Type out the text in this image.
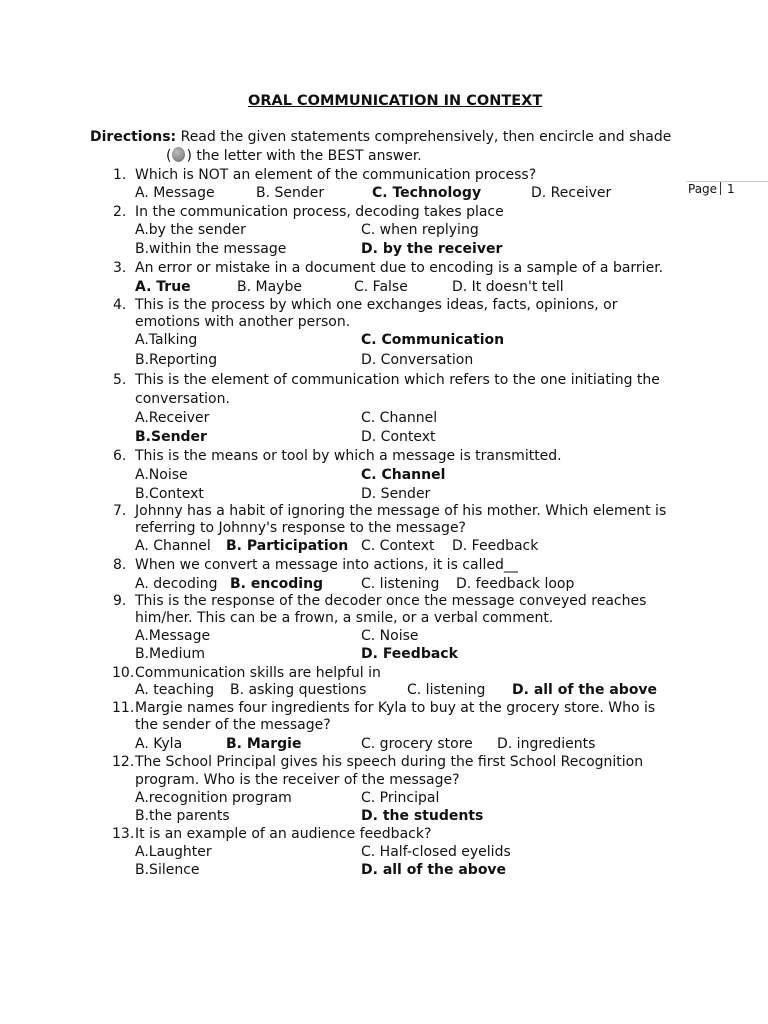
ORAL COMMUNICATION IN CONTEXT
Page 1
Directions: Read the given statements comprehensively, then encircle and shade
( ) the letter with the BEST answer.
1. Which is NOT an element of the communication process?
A. Message	B. Sender	C. Technology	D. Receiver
2. In the communication process, decoding takes place
A.by the sender	C. when replying
B.within the message	D. by the receiver
3. An error or mistake in a document due to encoding is a sample of a barrier.
A. True	B. Maybe	C. False	D. It doesn't tell
4. This is the process by which one exchanges ideas, facts, opinions, or
emotions with another person.
A.Talking	C. Communication
B.Reporting	D. Conversation
5. This is the element of communication which refers to the one initiating the
conversation.
A.Receiver	C. Channel
B.Sender	D. Context
6. This is the means or tool by which a message is transmitted.
A.Noise	C. Channel
B.Context	D. Sender
7. Johnny has a habit of ignoring the message of his mother. Which element is
referring to Johnny's response to the message?
A. Channel B. Participation C. Context D. Feedback
8. When we convert a message into actions, it is called__
A. decoding B. encoding	C. listening D. feedback loop
9. This is the response of the decoder once the message conveyed reaches
him/her. This can be a frown, a smile, or a verbal comment.
A.Message	C. Noise
B.Medium	D. Feedback
10. Communication skills are helpful in
A. teaching B. asking questions	C. listening D. all of the above
11. Margie names four ingredients for Kyla to buy at the grocery store. Who is
the sender of the message?
A. Kyla	B. Margie	C. grocery store D. ingredients
12. The School Principal gives his speech during the first School Recognition
program. Who is the receiver of the message?
A.recognition program	C. Principal
B.the parents	D. the students
13. It is an example of an audience feedback?
A.Laughter	C. Half-closed eyelids
B.Silence	D. all of the above
